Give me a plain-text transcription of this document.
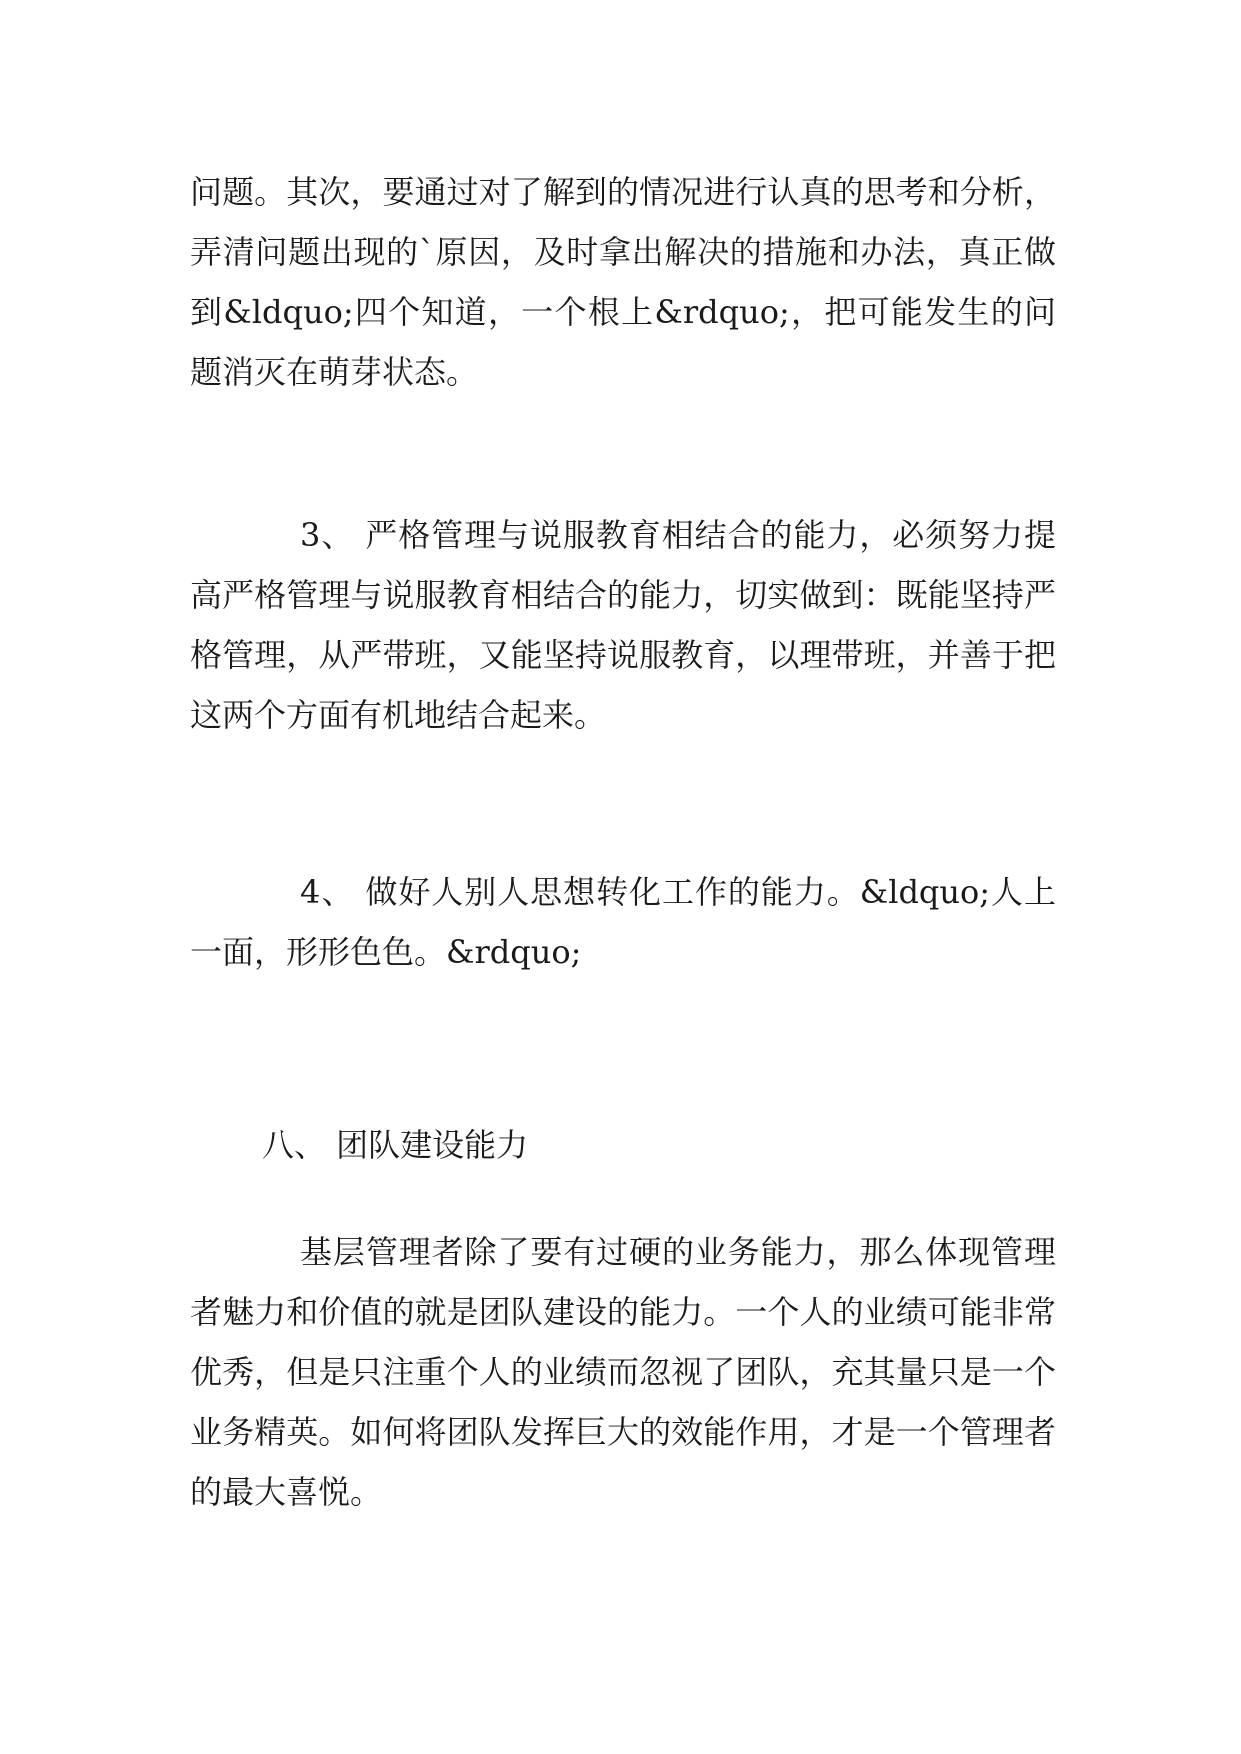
问题。其次，要通过对了解到的情况进行认真的思考和分析，弄清问题出现的`原因，及时拿出解决的措施和办法，真正做到&ldquo;四个知道，一个根上&rdquo;，把可能发生的问题消灭在萌芽状态。

3、 严格管理与说服教育相结合的能力，必须努力提高严格管理与说服教育相结合的能力，切实做到：既能坚持严格管理，从严带班，又能坚持说服教育，以理带班，并善于把这两个方面有机地结合起来。

4、 做好人别人思想转化工作的能力。&ldquo;人上一面，形形色色。&rdquo;

八、 团队建设能力

基层管理者除了要有过硬的业务能力，那么体现管理者魅力和价值的就是团队建设的能力。一个人的业绩可能非常优秀，但是只注重个人的业绩而忽视了团队，充其量只是一个业务精英。如何将团队发挥巨大的效能作用，才是一个管理者的最大喜悦。
